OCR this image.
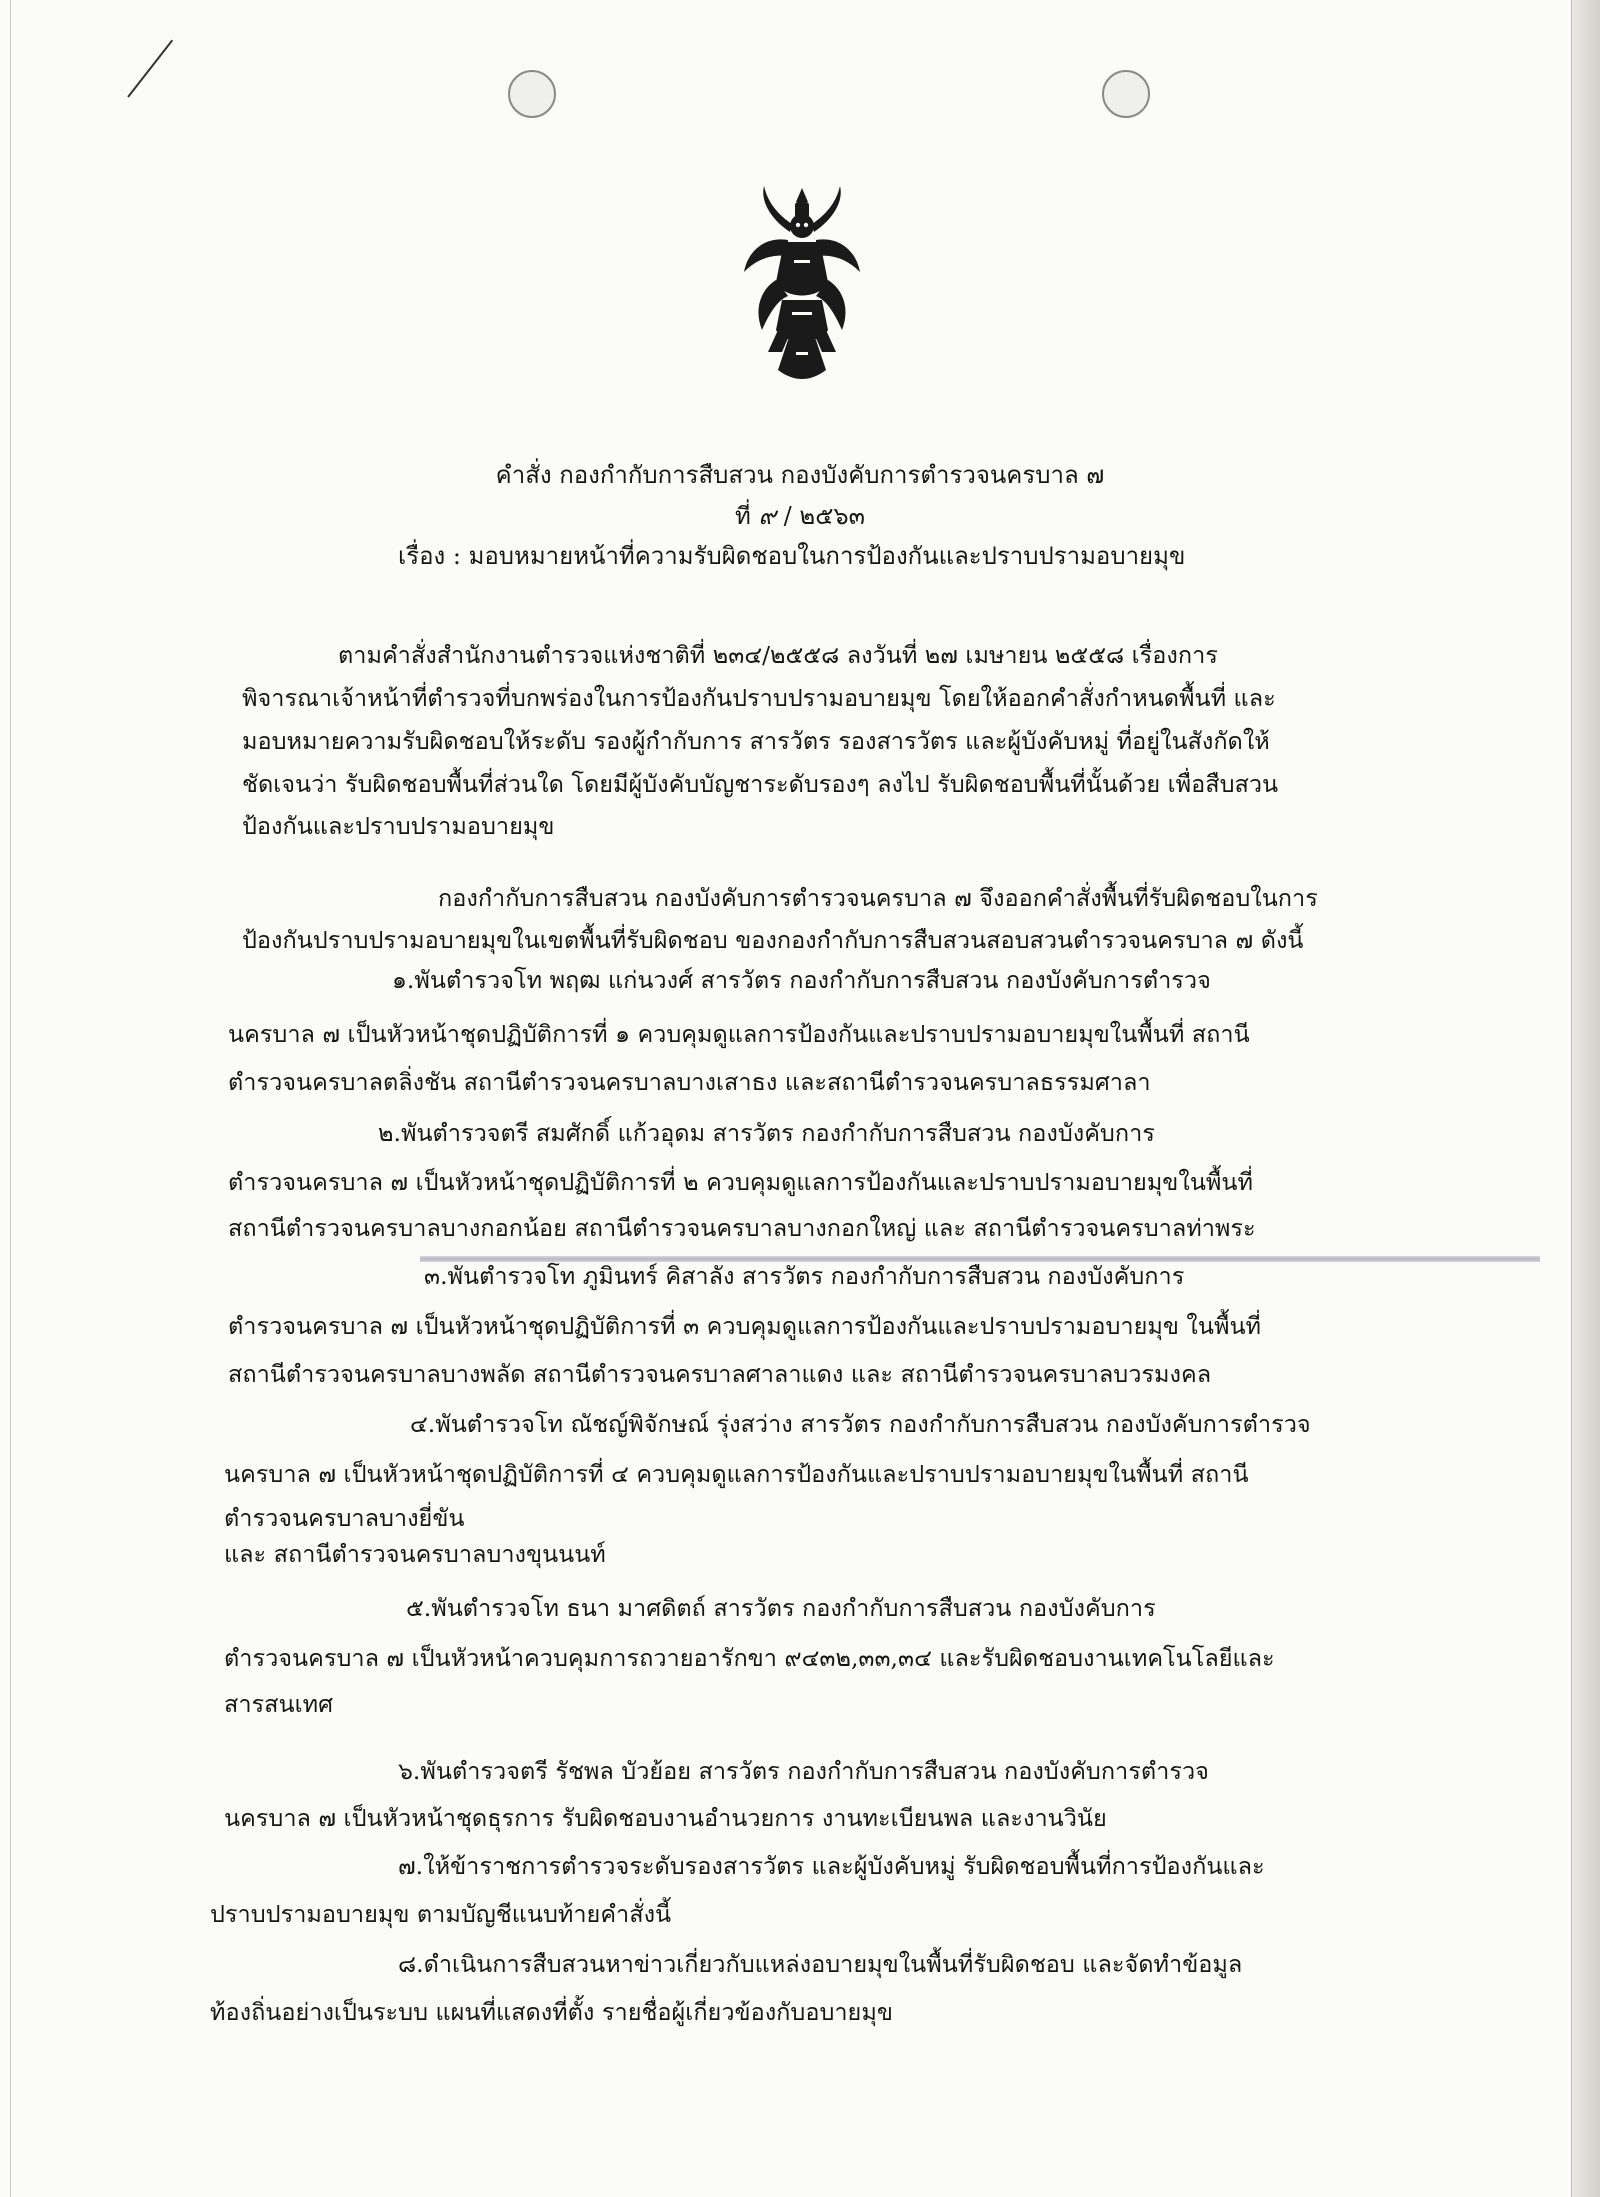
คำสั่ง กองกำกับการสืบสวน กองบังคับการตำรวจนครบาล ๗
ที่ ๙ / ๒๕๖๓
เรื่อง : มอบหมายหน้าที่ความรับผิดชอบในการป้องกันและปราบปรามอบายมุข
ตามคำสั่งสำนักงานตำรวจแห่งชาติที่ ๒๓๔/๒๕๕๘ ลงวันที่ ๒๗ เมษายน ๒๕๕๘ เรื่องการ
พิจารณาเจ้าหน้าที่ตำรวจที่บกพร่องในการป้องกันปราบปรามอบายมุข โดยให้ออกคำสั่งกำหนดพื้นที่ และ
มอบหมายความรับผิดชอบให้ระดับ รองผู้กำกับการ สารวัตร รองสารวัตร และผู้บังคับหมู่ ที่อยู่ในสังกัดให้
ชัดเจนว่า รับผิดชอบพื้นที่ส่วนใด โดยมีผู้บังคับบัญชาระดับรองๆ ลงไป รับผิดชอบพื้นที่นั้นด้วย เพื่อสืบสวน
ป้องกันและปราบปรามอบายมุข
กองกำกับการสืบสวน กองบังคับการตำรวจนครบาล ๗ จึงออกคำสั่งพื้นที่รับผิดชอบในการ
ป้องกันปราบปรามอบายมุขในเขตพื้นที่รับผิดชอบ ของกองกำกับการสืบสวนสอบสวนตำรวจนครบาล ๗ ดังนี้
๑.พันตำรวจโท พฤฒ แก่นวงศ์ สารวัตร กองกำกับการสืบสวน กองบังคับการตำรวจ
นครบาล ๗ เป็นหัวหน้าชุดปฏิบัติการที่ ๑ ควบคุมดูแลการป้องกันและปราบปรามอบายมุขในพื้นที่ สถานี
ตำรวจนครบาลตลิ่งชัน สถานีตำรวจนครบาลบางเสาธง และสถานีตำรวจนครบาลธรรมศาลา
๒.พันตำรวจตรี สมศักดิ์ แก้วอุดม สารวัตร กองกำกับการสืบสวน กองบังคับการ
ตำรวจนครบาล ๗ เป็นหัวหน้าชุดปฏิบัติการที่ ๒ ควบคุมดูแลการป้องกันและปราบปรามอบายมุขในพื้นที่
สถานีตำรวจนครบาลบางกอกน้อย สถานีตำรวจนครบาลบางกอกใหญ่ และ สถานีตำรวจนครบาลท่าพระ
๓.พันตำรวจโท ภูมินทร์ คิสาลัง สารวัตร กองกำกับการสืบสวน กองบังคับการ
ตำรวจนครบาล ๗ เป็นหัวหน้าชุดปฏิบัติการที่ ๓ ควบคุมดูแลการป้องกันและปราบปรามอบายมุข ในพื้นที่
สถานีตำรวจนครบาลบางพลัด สถานีตำรวจนครบาลศาลาแดง และ สถานีตำรวจนครบาลบวรมงคล
๔.พันตำรวจโท ณัชญ์พิจักษณ์ รุ่งสว่าง สารวัตร กองกำกับการสืบสวน กองบังคับการตำรวจ
นครบาล ๗ เป็นหัวหน้าชุดปฏิบัติการที่ ๔ ควบคุมดูแลการป้องกันและปราบปรามอบายมุขในพื้นที่ สถานี
ตำรวจนครบาลบางยี่ขัน
และ สถานีตำรวจนครบาลบางขุนนนท์
๕.พันตำรวจโท ธนา มาศดิตถ์ สารวัตร กองกำกับการสืบสวน กองบังคับการ
ตำรวจนครบาล ๗ เป็นหัวหน้าควบคุมการถวายอารักขา ๙๔๓๒,๓๓,๓๔ และรับผิดชอบงานเทคโนโลยีและ
สารสนเทศ
๖.พันตำรวจตรี รัชพล บัวย้อย สารวัตร กองกำกับการสืบสวน กองบังคับการตำรวจ
นครบาล ๗ เป็นหัวหน้าชุดธุรการ รับผิดชอบงานอำนวยการ งานทะเบียนพล และงานวินัย
๗.ให้ข้าราชการตำรวจระดับรองสารวัตร และผู้บังคับหมู่ รับผิดชอบพื้นที่การป้องกันและ
ปราบปรามอบายมุข ตามบัญชีแนบท้ายคำสั่งนี้
๘.ดำเนินการสืบสวนหาข่าวเกี่ยวกับแหล่งอบายมุขในพื้นที่รับผิดชอบ และจัดทำข้อมูล
ท้องถิ่นอย่างเป็นระบบ แผนที่แสดงที่ตั้ง รายชื่อผู้เกี่ยวข้องกับอบายมุข
